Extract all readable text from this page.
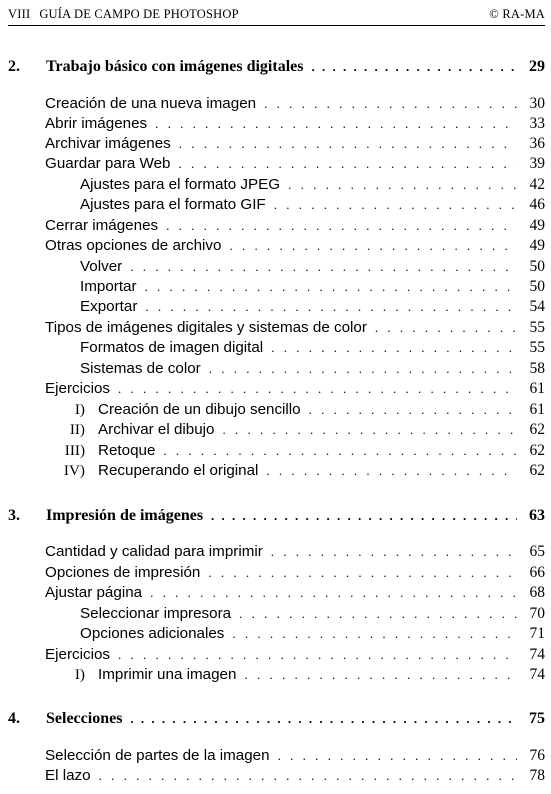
VIII GUÍA DE CAMPO DE PHOTOSHOP	© RA-MA
2. Trabajo básico con imágenes digitales . . .	29
Creación de una nueva imagen . . .	30
Abrir imágenes . . .	33
Archivar imágenes . . .	36
Guardar para Web . . .	39
Ajustes para el formato JPEG . . .	42
Ajustes para el formato GIF . . .	46
Cerrar imágenes . . .	49
Otras opciones de archivo . . .	49
Volver . . .	50
Importar . . .	50
Exportar . . .	54
Tipos de imágenes digitales y sistemas de color . . .	55
Formatos de imagen digital . . .	55
Sistemas de color . . .	58
Ejercicios . . .	61
I) Creación de un dibujo sencillo . . .	61
II) Archivar el dibujo . . .	62
III) Retoque . . .	62
IV) Recuperando el original . . .	62
3. Impresión de imágenes . . .	63
Cantidad y calidad para imprimir . . .	65
Opciones de impresión . . .	66
Ajustar página . . .	68
Seleccionar impresora . . .	70
Opciones adicionales . . .	71
Ejercicios . . .	74
I) Imprimir una imagen . . .	74
4. Selecciones . . .	75
Selección de partes de la imagen . . .	76
El lazo . . .	78
